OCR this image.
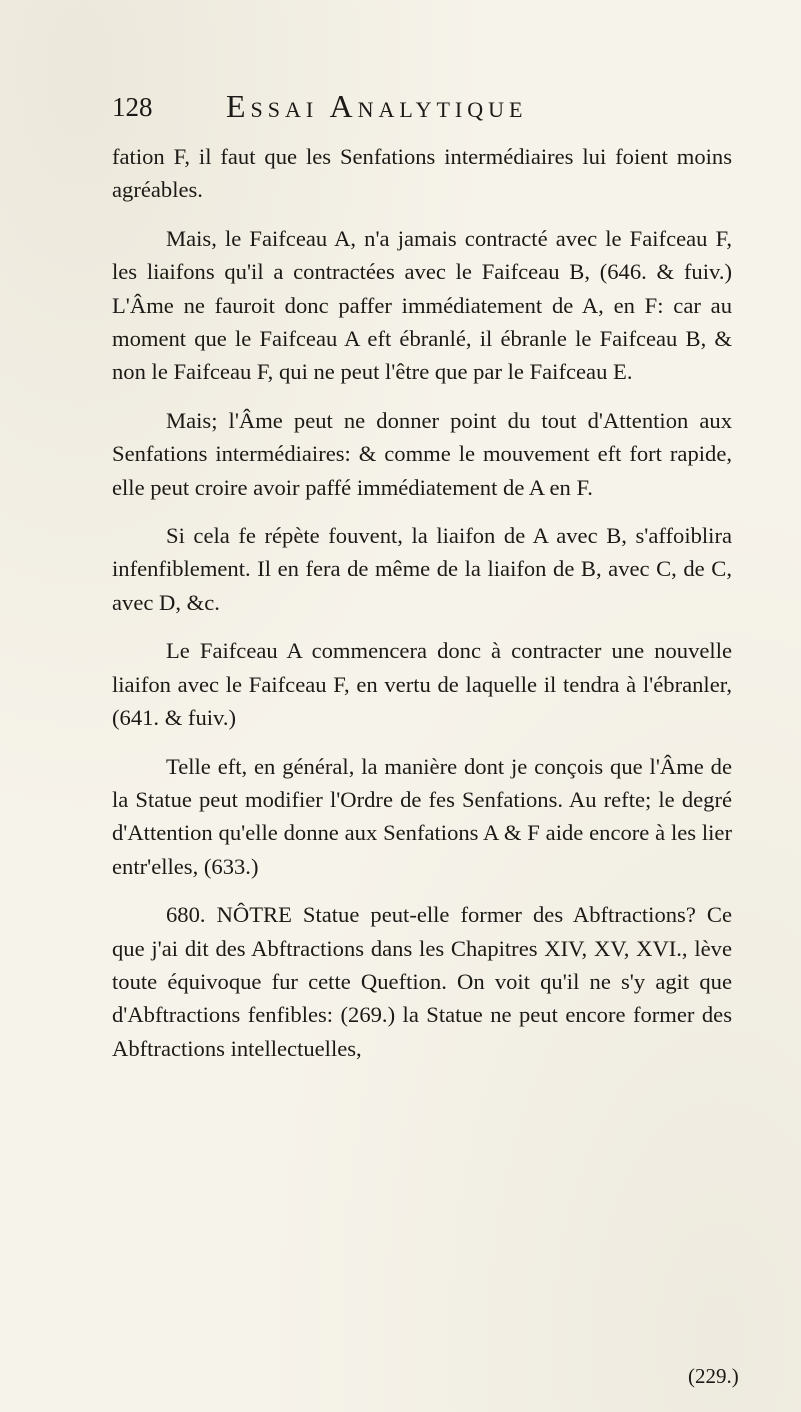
128 Essai Analytique

fation F, il faut que les Senfations intermédiaires lui foient moins agréables.

Mais, le Faifceau A, n'a jamais contracté avec le Faifceau F, les liaifons qu'il a contractées avec le Faifceau B, (646. & fuiv.) L'Âme ne fauroit donc paffer immédiatement de A, en F: car au moment que le Faifceau A eft ébranlé, il ébranle le Faifceau B, & non le Faifceau F, qui ne peut l'être que par le Faifceau E.

Mais; l'Âme peut ne donner point du tout d'Attention aux Senfations intermédiaires: & comme le mouvement eft fort rapide, elle peut croire avoir paffé immédiatement de A en F.

Si cela fe répète fouvent, la liaifon de A avec B, s'affoiblira infenfiblement. Il en fera de même de la liaifon de B, avec C, de C, avec D, &c.

Le Faifceau A commencera donc à contracter une nouvelle liaifon avec le Faifceau F, en vertu de laquelle il tendra à l'ébranler, (641. & fuiv.)

Telle eft, en général, la manière dont je conçois que l'Âme de la Statue peut modifier l'Ordre de fes Senfations. Au refte; le degré d'Attention qu'elle donne aux Senfations A & F aide encore à les lier entr'elles, (633.)

680. NÔTRE Statue peut-elle former des Abftractions? Ce que j'ai dit des Abftractions dans les Chapitres XIV, XV, XVI., lève toute équivoque fur cette Queftion. On voit qu'il ne s'y agit que d'Abftractions fenfibles: (269.) la Statue ne peut encore former des Abftractions intellectuelles,

(229.)
